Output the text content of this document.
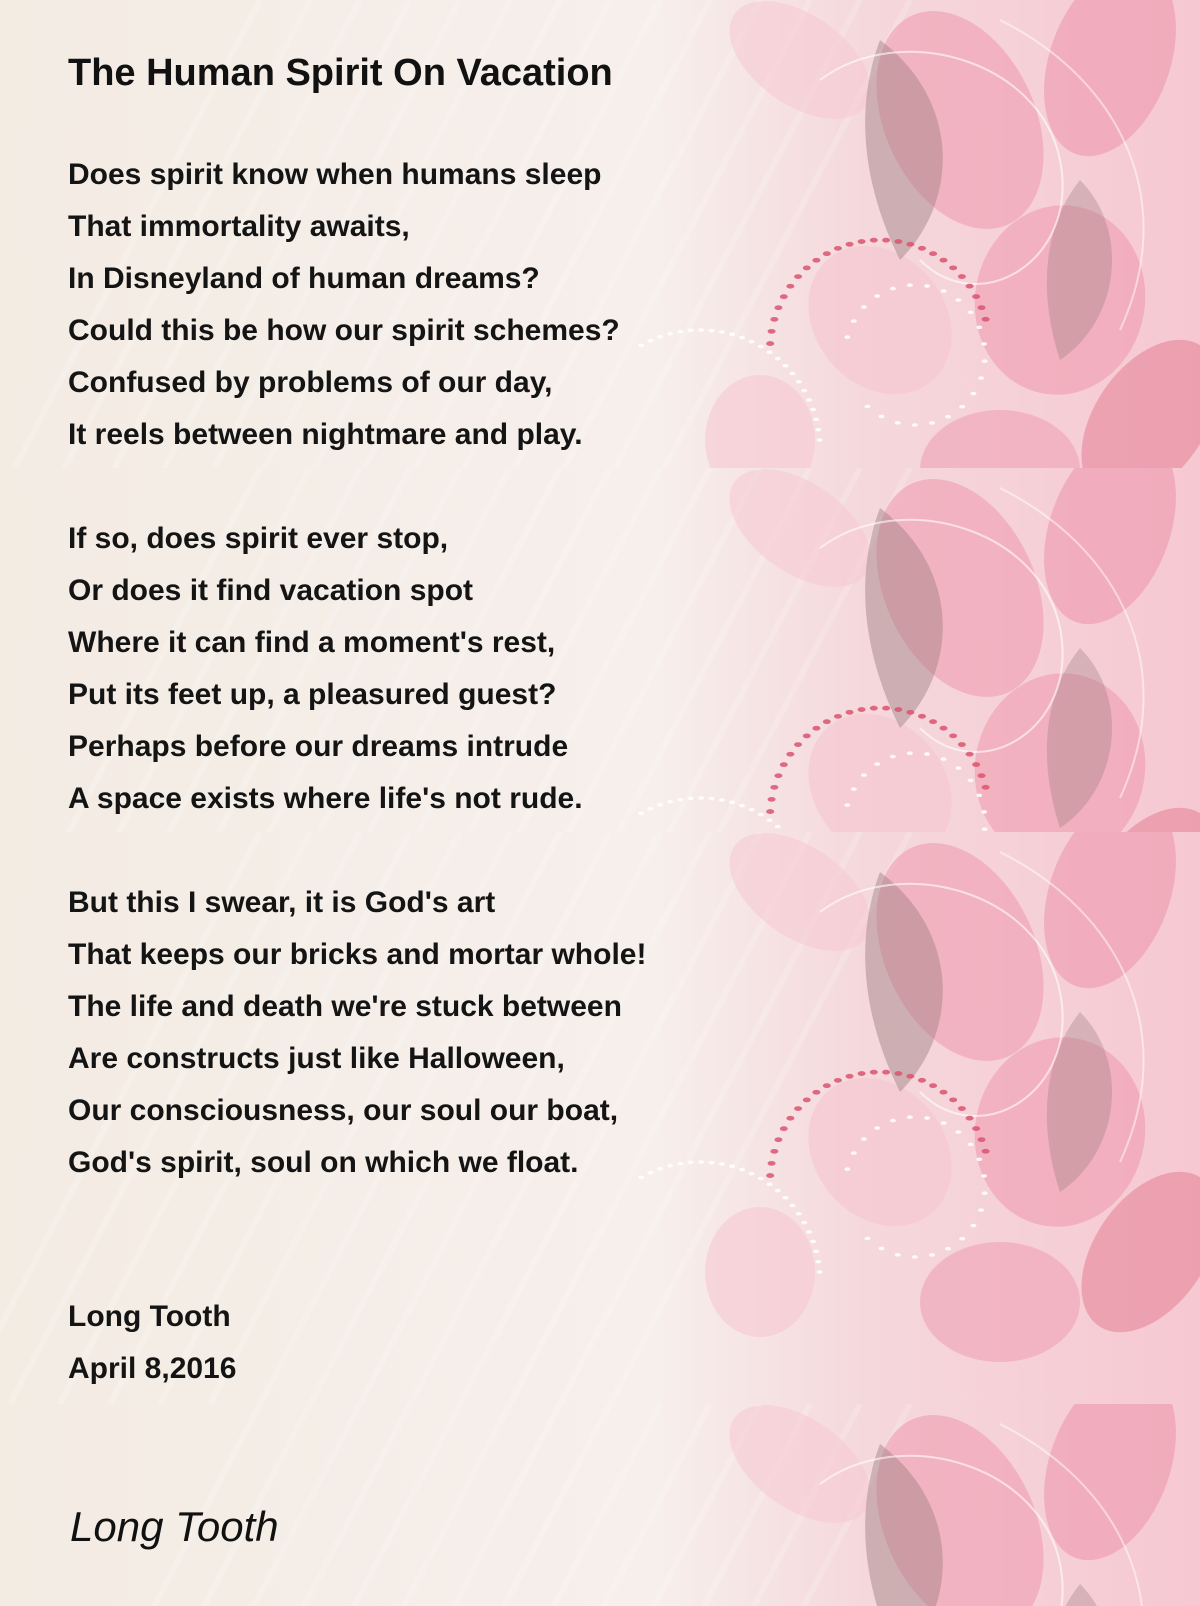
The Human Spirit On Vacation
Does spirit know when humans sleep
That immortality awaits,
In Disneyland of human dreams?
Could this be how our spirit schemes?
Confused by problems of our day,
It reels between nightmare and play.
If so, does spirit ever stop,
Or does it find vacation spot
Where it can find a moment's rest,
Put its feet up, a pleasured guest?
Perhaps before our dreams intrude
A space exists where life's not rude.
But this I swear, it is God's art
That keeps our bricks and mortar whole!
The life and death we're stuck between
Are constructs just like Halloween,
Our consciousness, our soul our boat,
God's spirit, soul on which we float.
Long Tooth
April 8,2016
Long Tooth
